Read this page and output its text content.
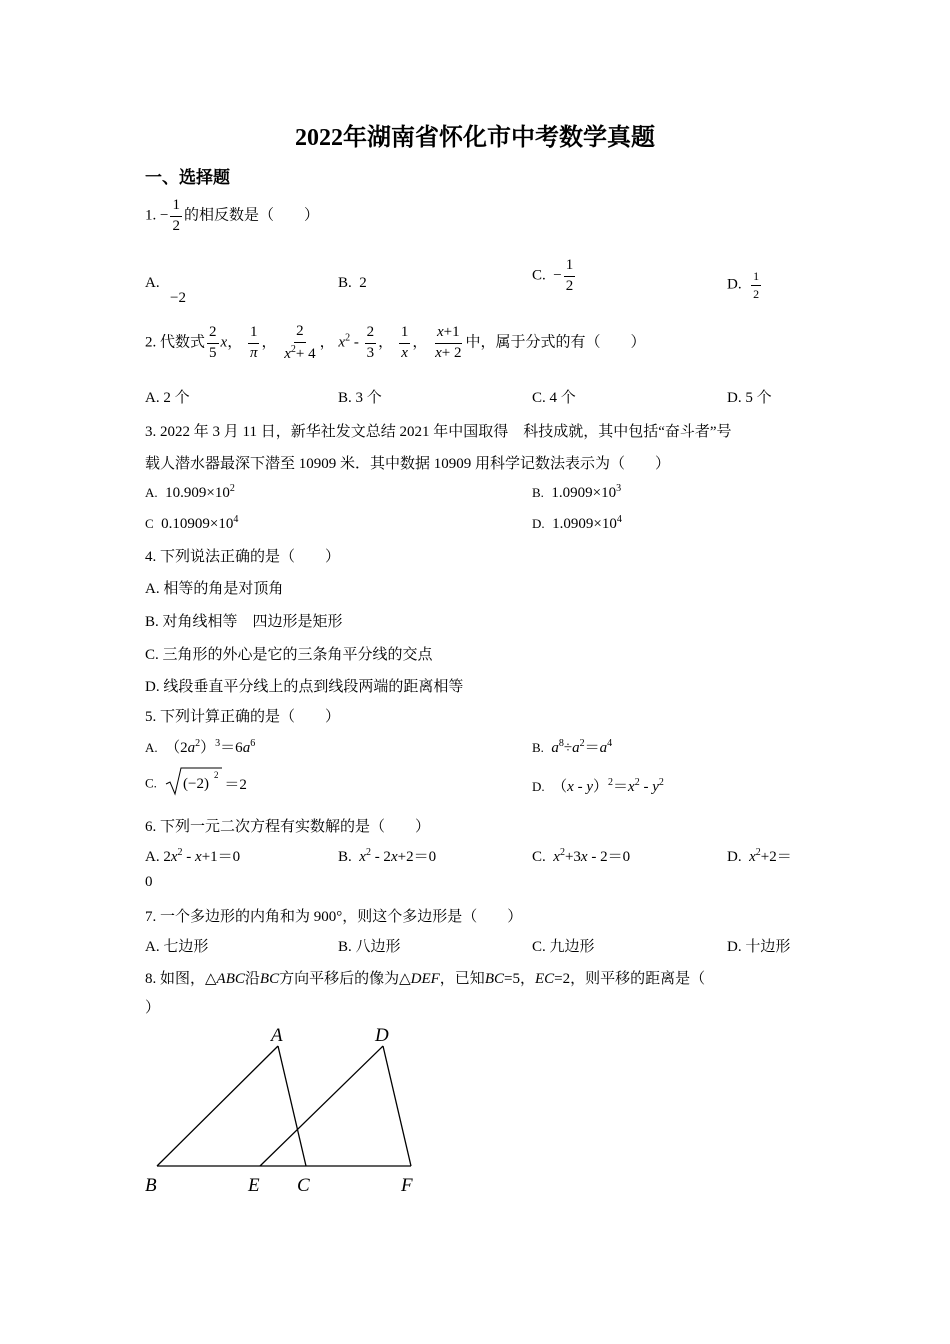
2022年湖南省怀化市中考数学真题
一、选择题
1. − $\frac{1}{2}$ 的相反数是（　　）
A.
−2
B. 2	C. − $\frac{1}{2}$	D. $\frac{1}{2}$
2. 代数式 $\frac{2}{5}$ x， $\frac{1}{\pi}$ ， $\frac{2}{x^2+ 4}$ ， $x^2 - \frac{2}{3}$ ， $\frac{1}{x}$ ， $\frac{x+1}{x+ 2}$ 中，属于分式的有（　　）
A. 2 个	B. 3 个	C. 4 个	D. 5 个
3. 2022 年 3 月 11 日，新华社发文总结 2021 年中国取得　科技成就，其中包括“奋斗者”号
载人潜水器最深下潜至 10909 米．其中数据 10909 用科学记数法表示为（　　）
A. $10.909\times 10^2$	B. $1.0909\times 10^3$
C $0.10909\times 10^4$	D. $1.0909\times 10^4$
4. 下列说法正确的是（　　）
A. 相等的角是对顶角
B. 对角线相等　四边形是矩形
C. 三角形的外心是它的三条角平分线的交点
D. 线段垂直平分线上的点到线段两端的距离相等
5. 下列计算正确的是（　　）
A. $(2a^2)^3=6a^6$	B. $a^8\div a^2=a^4$
C. (−2)
2
＝2	D. $(x - y)^2=x^2 - y^2$
6. 下列一元二次方程有实数解的是（　　）
A. $2x^2 - x+1=0$	B. $x^2 - 2x+2=0$	C. $x^2+3x - 2=0$	D. $x^2+2=$
0
7. 一个多边形的内角和为 900°，则这个多边形是（　　）
A. 七边形	B. 八边形	C. 九边形	D. 十边形
8. 如图，△ABC沿BC方向平移后的像为△DEF，已知BC=5，EC=2，则平移的距离是（
）
A	D
B	E C	F
